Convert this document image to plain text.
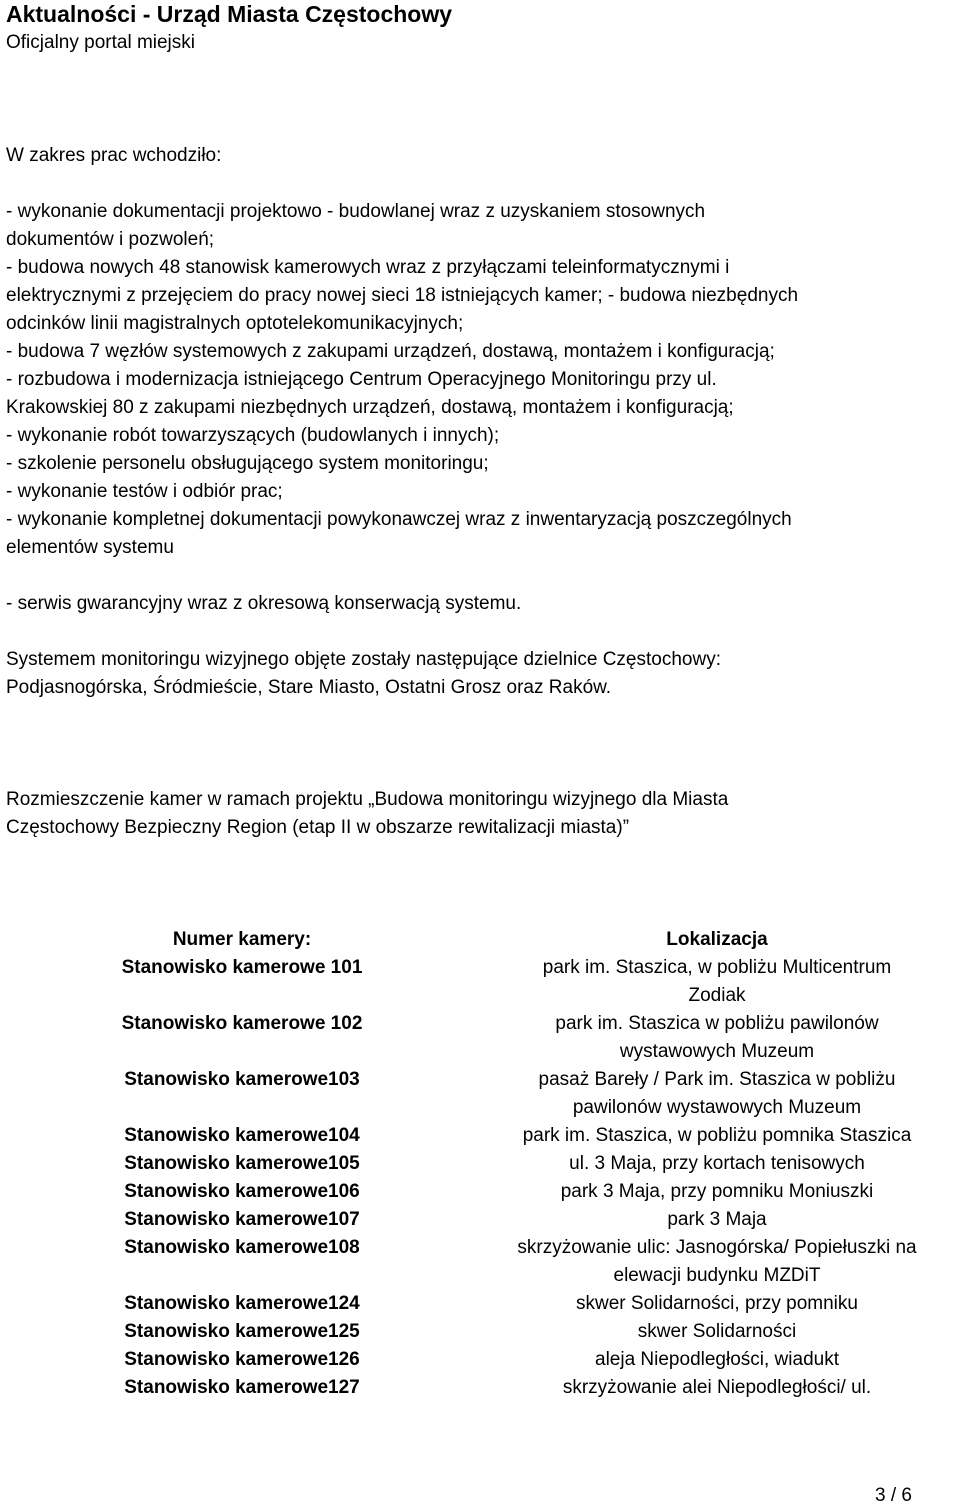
Aktualności - Urząd Miasta Częstochowy
Oficjalny portal miejski
W zakres prac wchodziło:
- wykonanie dokumentacji projektowo - budowlanej wraz z uzyskaniem stosownych
dokumentów i pozwoleń;
- budowa nowych 48 stanowisk kamerowych wraz z przyłączami teleinformatycznymi i
elektrycznymi z przejęciem do pracy nowej sieci 18 istniejących kamer; - budowa niezbędnych
odcinków linii magistralnych optotelekomunikacyjnych;
- budowa 7 węzłów systemowych z zakupami urządzeń, dostawą, montażem i konfiguracją;
- rozbudowa i modernizacja istniejącego Centrum Operacyjnego Monitoringu przy ul.
Krakowskiej 80 z zakupami niezbędnych urządzeń, dostawą, montażem i konfiguracją;
- wykonanie robót towarzyszących (budowlanych i innych);
- szkolenie personelu obsługującego system monitoringu;
- wykonanie testów i odbiór prac;
- wykonanie kompletnej dokumentacji powykonawczej wraz z inwentaryzacją poszczególnych
elementów systemu
- serwis gwarancyjny wraz z okresową konserwacją systemu.
Systemem monitoringu wizyjnego objęte zostały następujące dzielnice Częstochowy:
Podjasnogórska, Śródmieście, Stare Miasto, Ostatni Grosz oraz Raków.
Rozmieszczenie kamer w ramach projektu „Budowa monitoringu wizyjnego dla Miasta
Częstochowy Bezpieczny Region (etap II w obszarze rewitalizacji miasta)”
Numer kamery:	Lokalizacja
Stanowisko kamerowe 101	park im. Staszica, w pobliżu Multicentrum
Zodiak
Stanowisko kamerowe 102	park im. Staszica w pobliżu pawilonów
wystawowych Muzeum
Stanowisko kamerowe103	pasaż Bareły / Park im. Staszica w pobliżu
pawilonów wystawowych Muzeum
Stanowisko kamerowe104	park im. Staszica, w pobliżu pomnika Staszica
Stanowisko kamerowe105	ul. 3 Maja, przy kortach tenisowych
Stanowisko kamerowe106	park 3 Maja, przy pomniku Moniuszki
Stanowisko kamerowe107	park 3 Maja
Stanowisko kamerowe108	skrzyżowanie ulic: Jasnogórska/ Popiełuszki na
elewacji budynku MZDiT
Stanowisko kamerowe124	skwer Solidarności, przy pomniku
Stanowisko kamerowe125	skwer Solidarności
Stanowisko kamerowe126	aleja Niepodległości, wiadukt
Stanowisko kamerowe127	skrzyżowanie alei Niepodległości/ ul.
3 / 6
